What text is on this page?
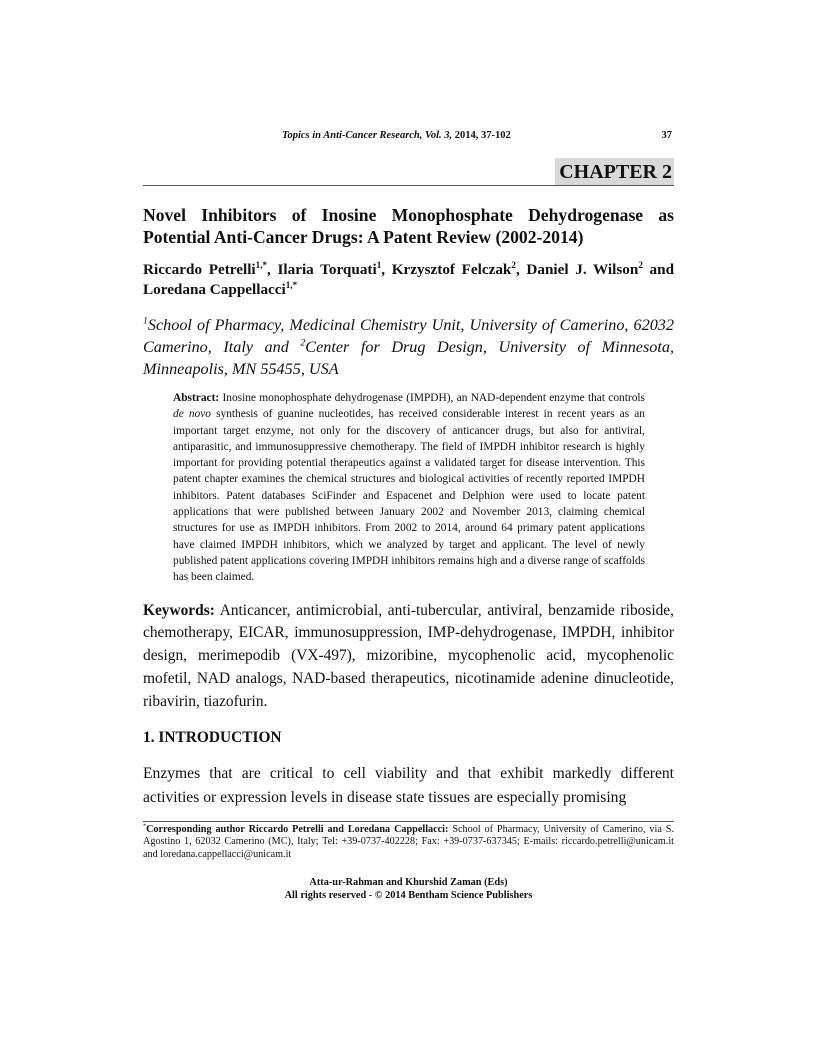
Topics in Anti-Cancer Research, Vol. 3, 2014, 37-102	37
CHAPTER 2
Novel Inhibitors of Inosine Monophosphate Dehydrogenase as Potential Anti-Cancer Drugs: A Patent Review (2002-2014)
Riccardo Petrelli$^{1,*}$, Ilaria Torquati$^1$, Krzysztof Felczak$^2$, Daniel J. Wilson$^2$ and Loredana Cappellacci$^{1,*}$
$^1$School of Pharmacy, Medicinal Chemistry Unit, University of Camerino, 62032 Camerino, Italy and $^2$Center for Drug Design, University of Minnesota, Minneapolis, MN 55455, USA
Abstract: Inosine monophosphate dehydrogenase (IMPDH), an NAD-dependent enzyme that controls de novo synthesis of guanine nucleotides, has received considerable interest in recent years as an important target enzyme, not only for the discovery of anticancer drugs, but also for antiviral, antiparasitic, and immunosuppressive chemotherapy. The field of IMPDH inhibitor research is highly important for providing potential therapeutics against a validated target for disease intervention. This patent chapter examines the chemical structures and biological activities of recently reported IMPDH inhibitors. Patent databases SciFinder and Espacenet and Delphion were used to locate patent applications that were published between January 2002 and November 2013, claiming chemical structures for use as IMPDH inhibitors. From 2002 to 2014, around 64 primary patent applications have claimed IMPDH inhibitors, which we analyzed by target and applicant. The level of newly published patent applications covering IMPDH inhibitors remains high and a diverse range of scaffolds has been claimed.
Keywords: Anticancer, antimicrobial, anti-tubercular, antiviral, benzamide riboside, chemotherapy, EICAR, immunosuppression, IMP-dehydrogenase, IMPDH, inhibitor design, merimepodib (VX-497), mizoribine, mycophenolic acid, mycophenolic mofetil, NAD analogs, NAD-based therapeutics, nicotinamide adenine dinucleotide, ribavirin, tiazofurin.
1. INTRODUCTION
Enzymes that are critical to cell viability and that exhibit markedly different activities or expression levels in disease state tissues are especially promising
*Corresponding author Riccardo Petrelli and Loredana Cappellacci: School of Pharmacy, University of Camerino, via S. Agostino 1, 62032 Camerino (MC), Italy; Tel: +39-0737-402228; Fax: +39-0737-637345; E-mails: riccardo.petrelli@unicam.it and loredana.cappellacci@unicam.it
Atta-ur-Rahman and Khurshid Zaman (Eds)
All rights reserved - © 2014 Bentham Science Publishers
